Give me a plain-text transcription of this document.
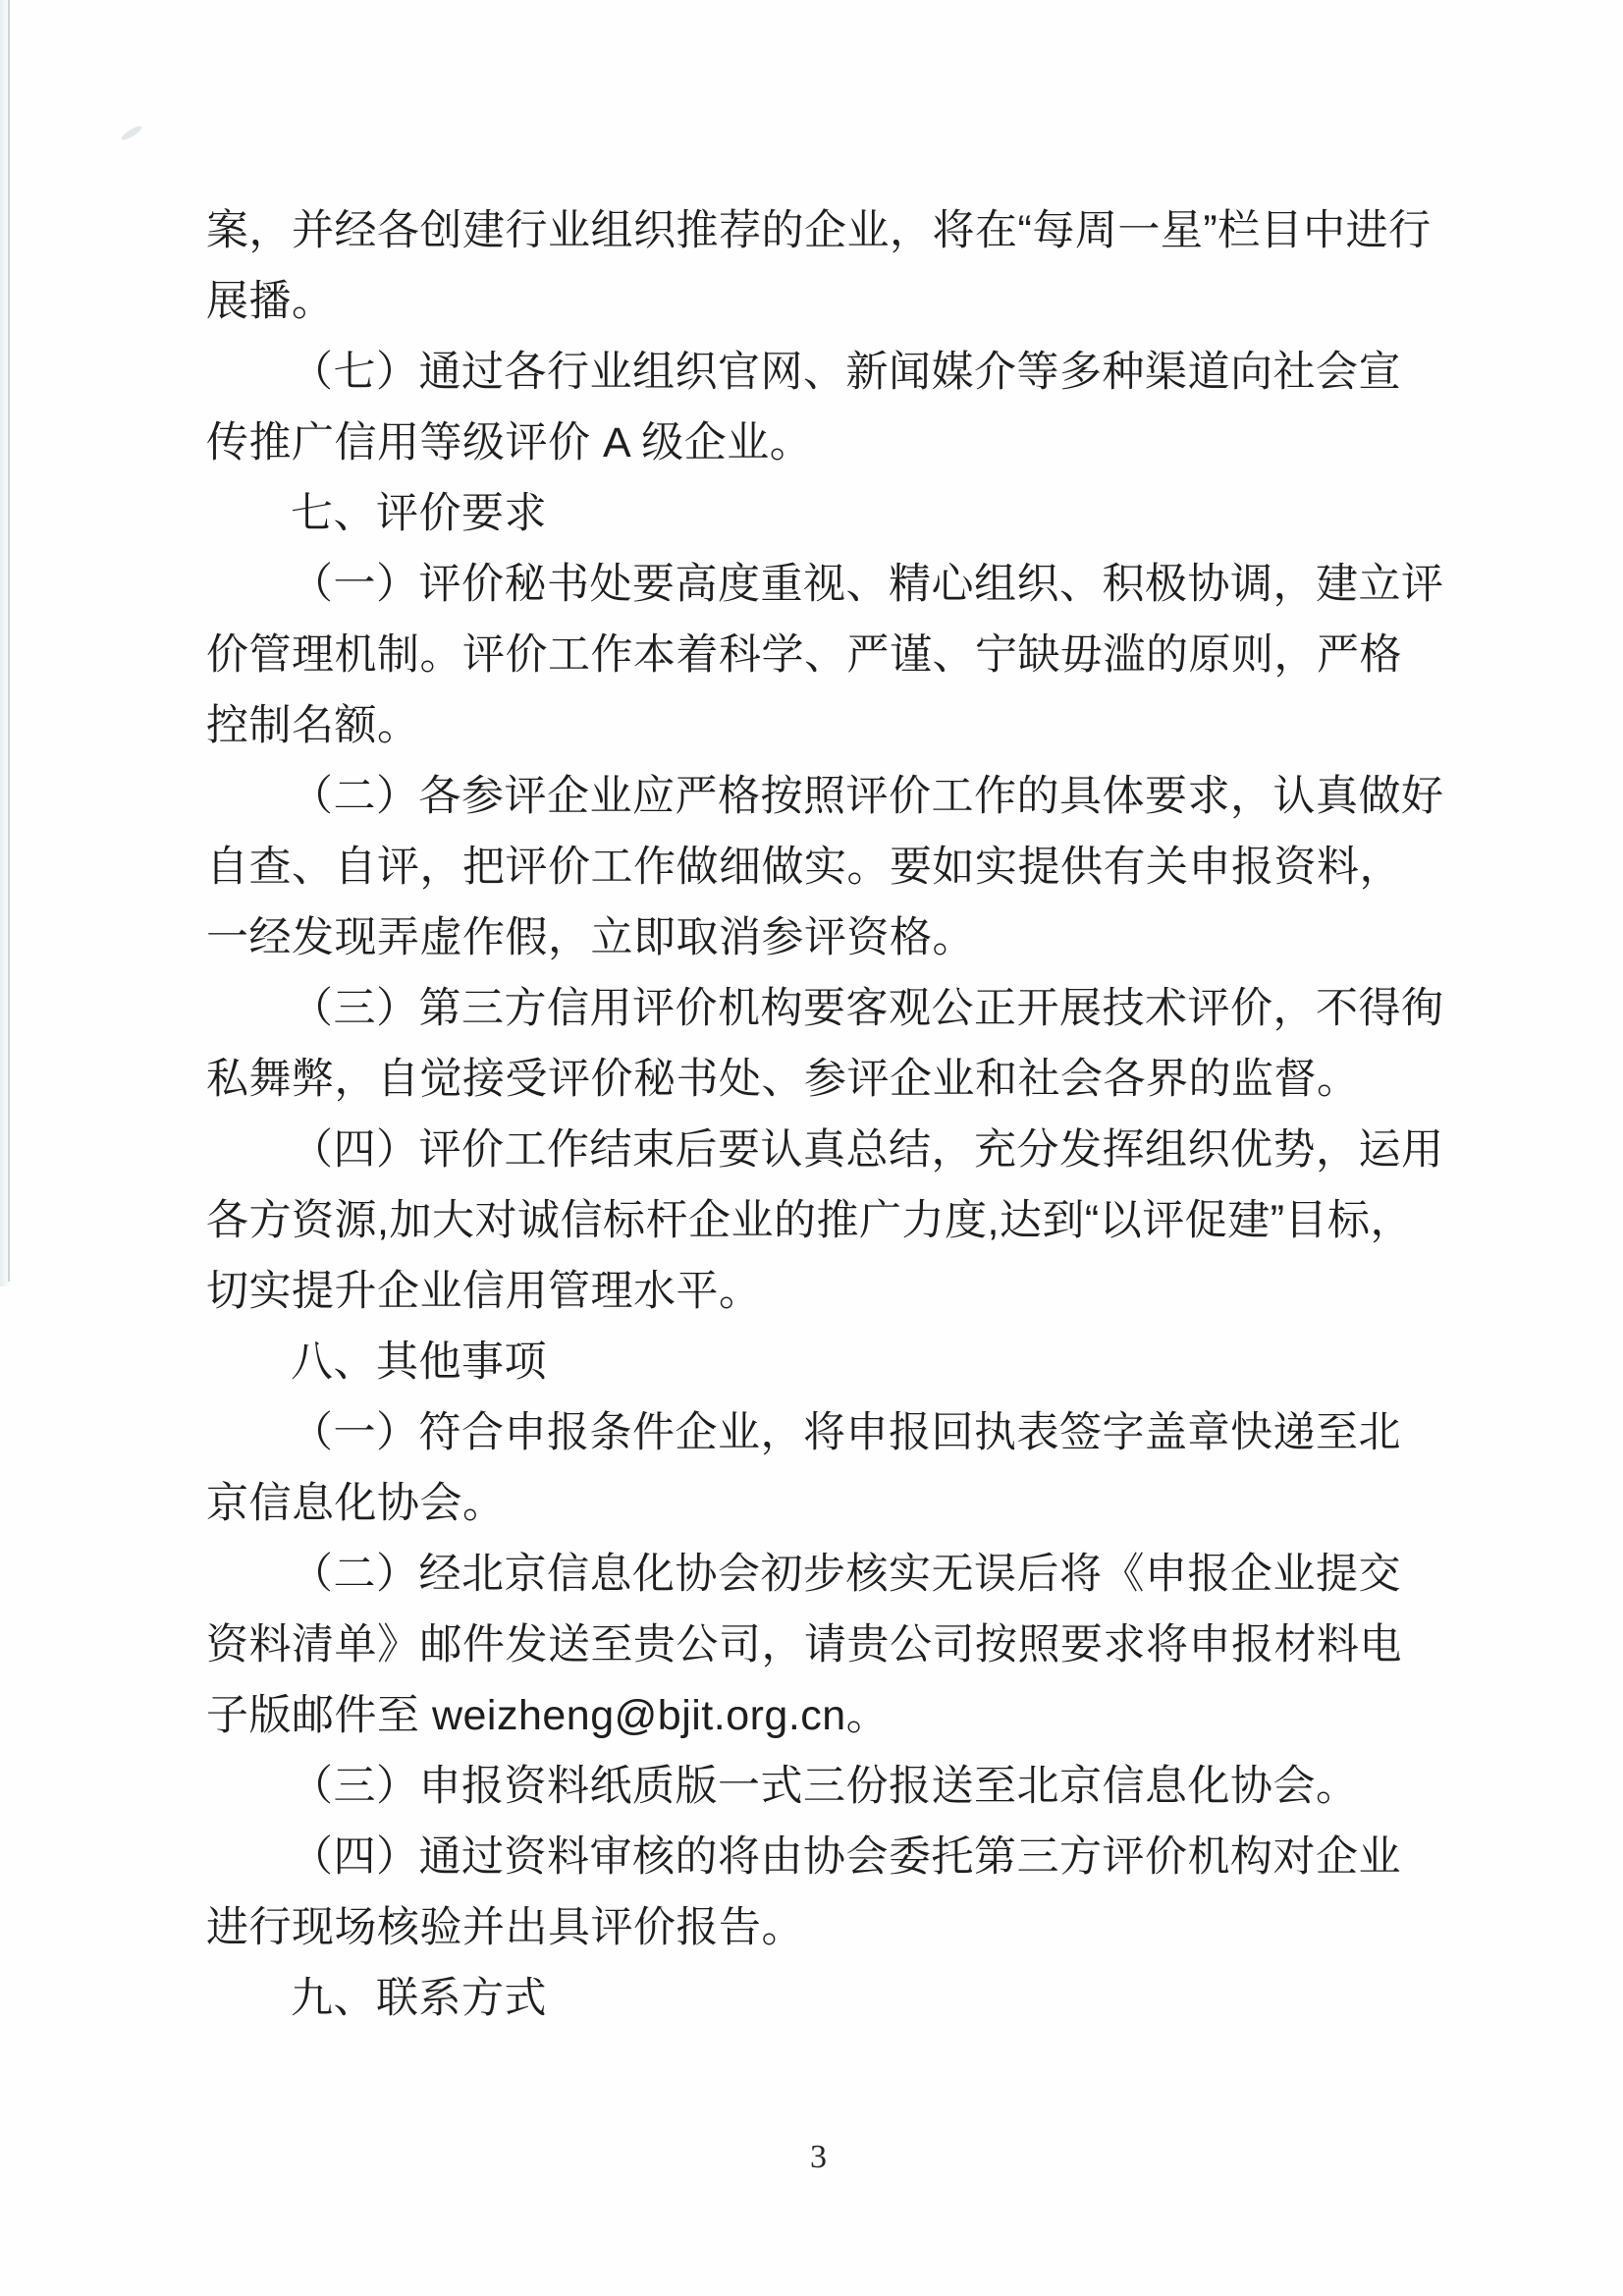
案，并经各创建行业组织推荐的企业，将在“每周一星”栏目中进行
展播。
（七）通过各行业组织官网、新闻媒介等多种渠道向社会宣
传推广信用等级评价 A 级企业。
七、评价要求
（一）评价秘书处要高度重视、精心组织、积极协调，建立评
价管理机制。评价工作本着科学、严谨、宁缺毋滥的原则，严格
控制名额。
（二）各参评企业应严格按照评价工作的具体要求，认真做好
自查、自评，把评价工作做细做实。要如实提供有关申报资料，
一经发现弄虚作假，立即取消参评资格。
（三）第三方信用评价机构要客观公正开展技术评价，不得徇
私舞弊，自觉接受评价秘书处、参评企业和社会各界的监督。
（四）评价工作结束后要认真总结，充分发挥组织优势，运用
各方资源,加大对诚信标杆企业的推广力度,达到“以评促建”目标，
切实提升企业信用管理水平。
八、其他事项
（一）符合申报条件企业，将申报回执表签字盖章快递至北
京信息化协会。
（二）经北京信息化协会初步核实无误后将《申报企业提交
资料清单》邮件发送至贵公司，请贵公司按照要求将申报材料电
子版邮件至 weizheng@bjit.org.cn。
（三）申报资料纸质版一式三份报送至北京信息化协会。
（四）通过资料审核的将由协会委托第三方评价机构对企业
进行现场核验并出具评价报告。
九、联系方式
3
